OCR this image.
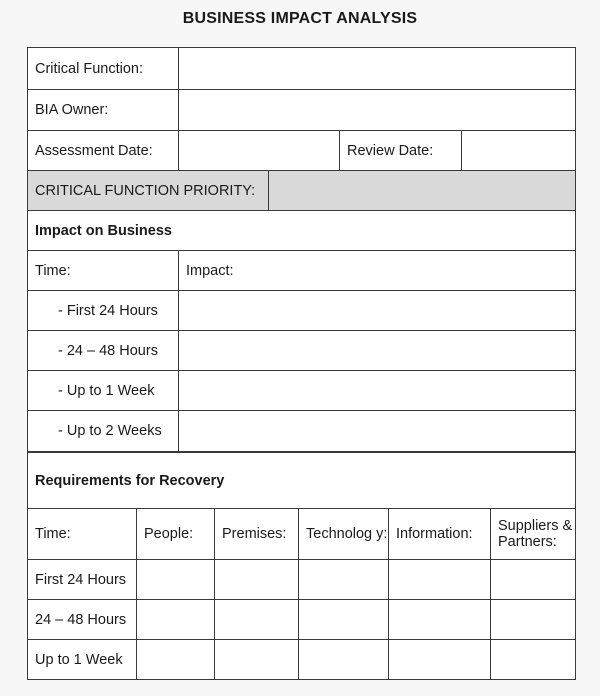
BUSINESS IMPACT ANALYSIS
Critical Function:				
BIA Owner:				
Assessment Date:			Review Date:	
CRITICAL FUNCTION PRIORITY:				
Impact on Business				
Time:	Impact:			
- First 24 Hours				
- 24 – 48 Hours				
- Up to 1 Week				
- Up to 2 Weeks				
Requirements for Recovery					
Time:	People:	Premises:	Technolog y:	Information:	Suppliers & Partners:
First 24 Hours					
24 – 48 Hours					
Up to 1 Week					
